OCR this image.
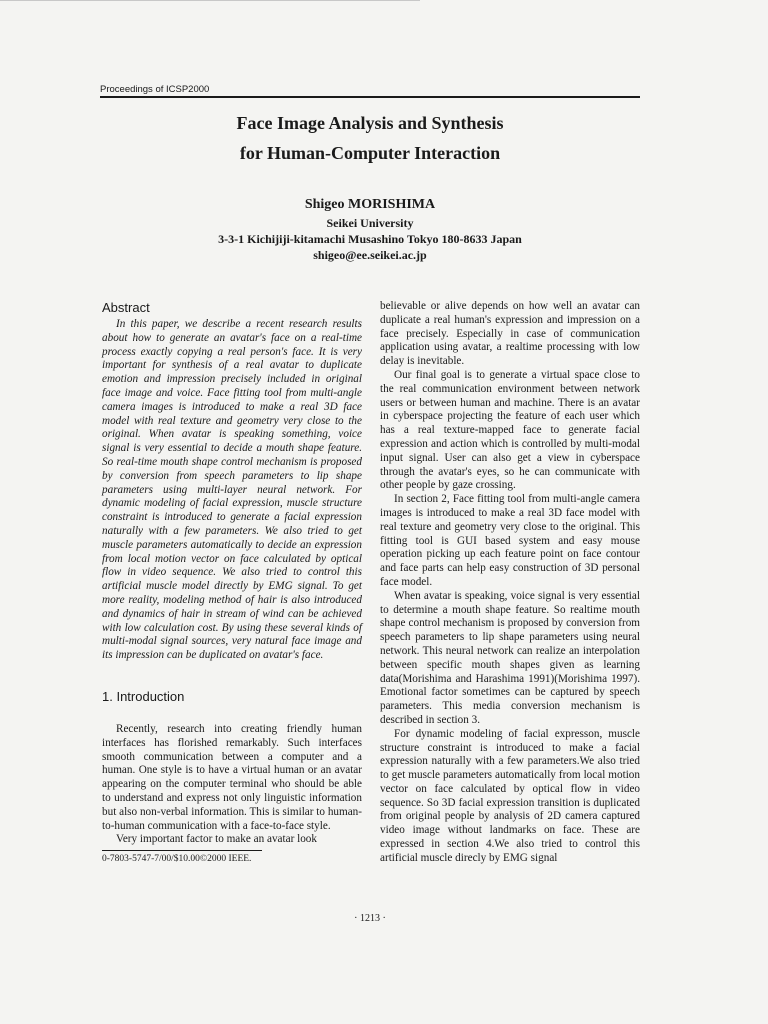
Proceedings of ICSP2000
Face Image Analysis and Synthesis
for Human-Computer Interaction
Shigeo MORISHIMA
Seikei University
3-3-1 Kichijiji-kitamachi Musashino Tokyo 180-8633 Japan
shigeo@ee.seikei.ac.jp
Abstract

In this paper, we describe a recent research results about how to generate an avatar's face on a real-time process exactly copying a real person's face. It is very important for synthesis of a real avatar to duplicate emotion and impression precisely included in original face image and voice. Face fitting tool from multi-angle camera images is introduced to make a real 3D face model with real texture and geometry very close to the original. When avatar is speaking something, voice signal is very essential to decide a mouth shape feature. So real-time mouth shape control mechanism is proposed by conversion from speech parameters to lip shape parameters using multi-layer neural network. For dynamic modeling of facial expression, muscle structure constraint is introduced to generate a facial expression naturally with a few parameters. We also tried to get muscle parameters automatically to decide an expression from local motion vector on face calculated by optical flow in video sequence. We also tried to control this artificial muscle model directly by EMG signal. To get more reality, modeling method of hair is also introduced and dynamics of hair in stream of wind can be achieved with low calculation cost. By using these several kinds of multi-modal signal sources, very natural face image and its impression can be duplicated on avatar's face.

1. Introduction

Recently, research into creating friendly human interfaces has florished remarkably. Such interfaces smooth communication between a computer and a human. One style is to have a virtual human or an avatar appearing on the computer terminal who should be able to understand and express not only linguistic information but also non-verbal information. This is similar to human-to-human communication with a face-to-face style.

Very important factor to make an avatar look

0-7803-5747-7/00/$10.00©2000 IEEE.

believable or alive depends on how well an avatar can duplicate a real human's expression and impression on a face precisely. Especially in case of communication application using avatar, a realtime processing with low delay is inevitable.

Our final goal is to generate a virtual space close to the real communication environment between network users or between human and machine. There is an avatar in cyberspace projecting the feature of each user which has a real texture-mapped face to generate facial expression and action which is controlled by multi-modal input signal. User can also get a view in cyberspace through the avatar's eyes, so he can communicate with other people by gaze crossing.

In section 2, Face fitting tool from multi-angle camera images is introduced to make a real 3D face model with real texture and geometry very close to the original. This fitting tool is GUI based system and easy mouse operation picking up each feature point on face contour and face parts can help easy construction of 3D personal face model.

When avatar is speaking, voice signal is very essential to determine a mouth shape feature. So realtime mouth shape control mechanism is proposed by conversion from speech parameters to lip shape parameters using neural network. This neural network can realize an interpolation between specific mouth shapes given as learning data(Morishima and Harashima 1991)(Morishima 1997). Emotional factor sometimes can be captured by speech parameters. This media conversion mechanism is described in section 3.

For dynamic modeling of facial expresson, muscle structure constraint is introduced to make a facial expression naturally with a few parameters.We also tried to get muscle parameters automatically from local motion vector on face calculated by optical flow in video sequence. So 3D facial expression transition is duplicated from original people by analysis of 2D camera captured video image without landmarks on face. These are expressed in section 4.We also tried to control this artificial muscle direcly by EMG signal

· 1213 ·
